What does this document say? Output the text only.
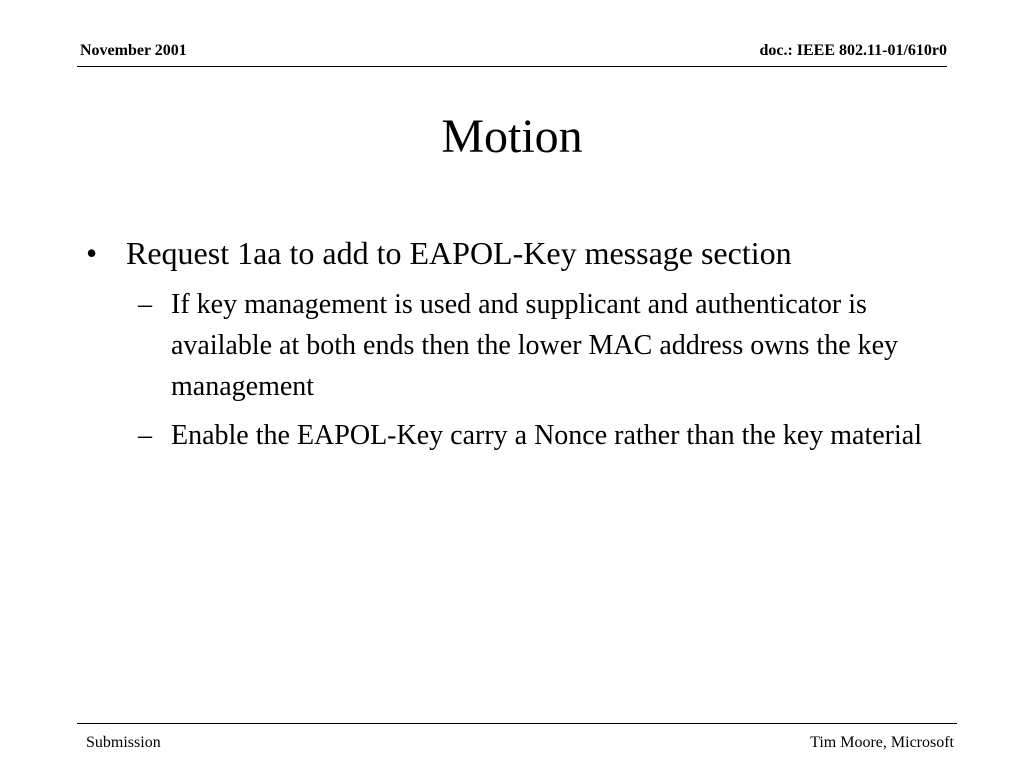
November 2001	doc.: IEEE 802.11-01/610r0
Motion
• Request 1aa to add to EAPOL-Key message section
– If key management is used and supplicant and authenticator is available at both ends then the lower MAC address owns the key management
– Enable the EAPOL-Key carry a Nonce rather than the key material
Submission	Tim Moore, Microsoft
